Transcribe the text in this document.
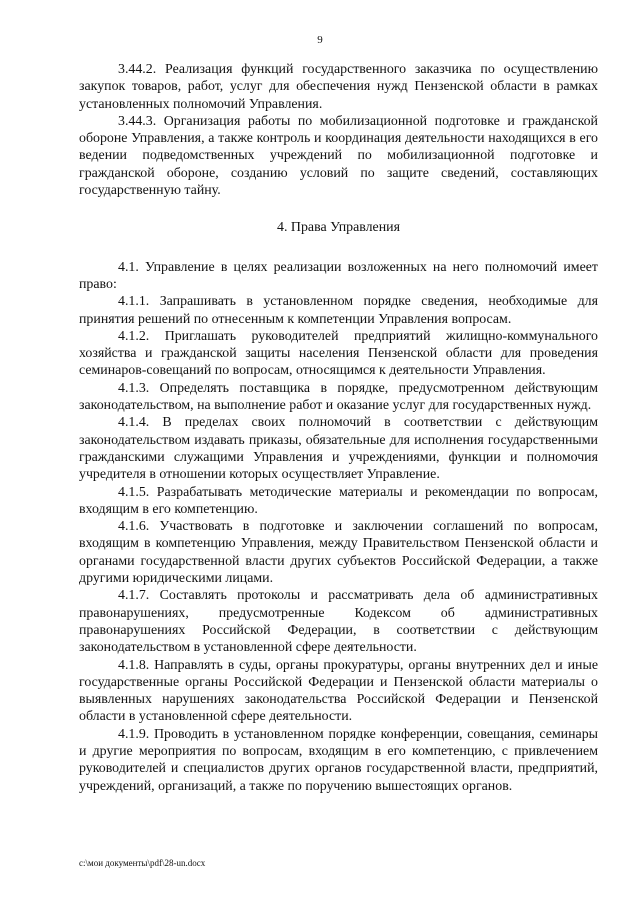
9

3.44.2. Реализация функций государственного заказчика по осуществлению закупок товаров, работ, услуг для обеспечения нужд Пензенской области в рамках установленных полномочий Управления.

3.44.3. Организация работы по мобилизационной подготовке и гражданской обороне Управления, а также контроль и координация деятельности находящихся в его ведении подведомственных учреждений по мобилизационной подготовке и гражданской обороне, созданию условий по защите сведений, составляющих государственную тайну.

4. Права Управления

4.1. Управление в целях реализации возложенных на него полномочий имеет право:

4.1.1. Запрашивать в установленном порядке сведения, необходимые для принятия решений по отнесенным к компетенции Управления вопросам.

4.1.2. Приглашать руководителей предприятий жилищно-коммунального хозяйства и гражданской защиты населения Пензенской области для проведения семинаров-совещаний по вопросам, относящимся к деятельности Управления.

4.1.3. Определять поставщика в порядке, предусмотренном действующим законодательством, на выполнение работ и оказание услуг для государственных нужд.

4.1.4. В пределах своих полномочий в соответствии с действующим законодательством издавать приказы, обязательные для исполнения государственными гражданскими служащими Управления и учреждениями, функции и полномочия учредителя в отношении которых осуществляет Управление.

4.1.5. Разрабатывать методические материалы и рекомендации по вопросам, входящим в его компетенцию.

4.1.6. Участвовать в подготовке и заключении соглашений по вопросам, входящим в компетенцию Управления, между Правительством Пензенской области и органами государственной власти других субъектов Российской Федерации, а также другими юридическими лицами.

4.1.7. Составлять протоколы и рассматривать дела об административных правонарушениях, предусмотренные Кодексом об административных правонарушениях Российской Федерации, в соответствии с действующим законодательством в установленной сфере деятельности.

4.1.8. Направлять в суды, органы прокуратуры, органы внутренних дел и иные государственные органы Российской Федерации и Пензенской области материалы о выявленных нарушениях законодательства Российской Федерации и Пензенской области в установленной сфере деятельности.

4.1.9. Проводить в установленном порядке конференции, совещания, семинары и другие мероприятия по вопросам, входящим в его компетенцию, с привлечением руководителей и специалистов других органов государственной власти, предприятий, учреждений, организаций, а также по поручению вышестоящих органов.

c:\мои документы\pdf\28-un.docx
